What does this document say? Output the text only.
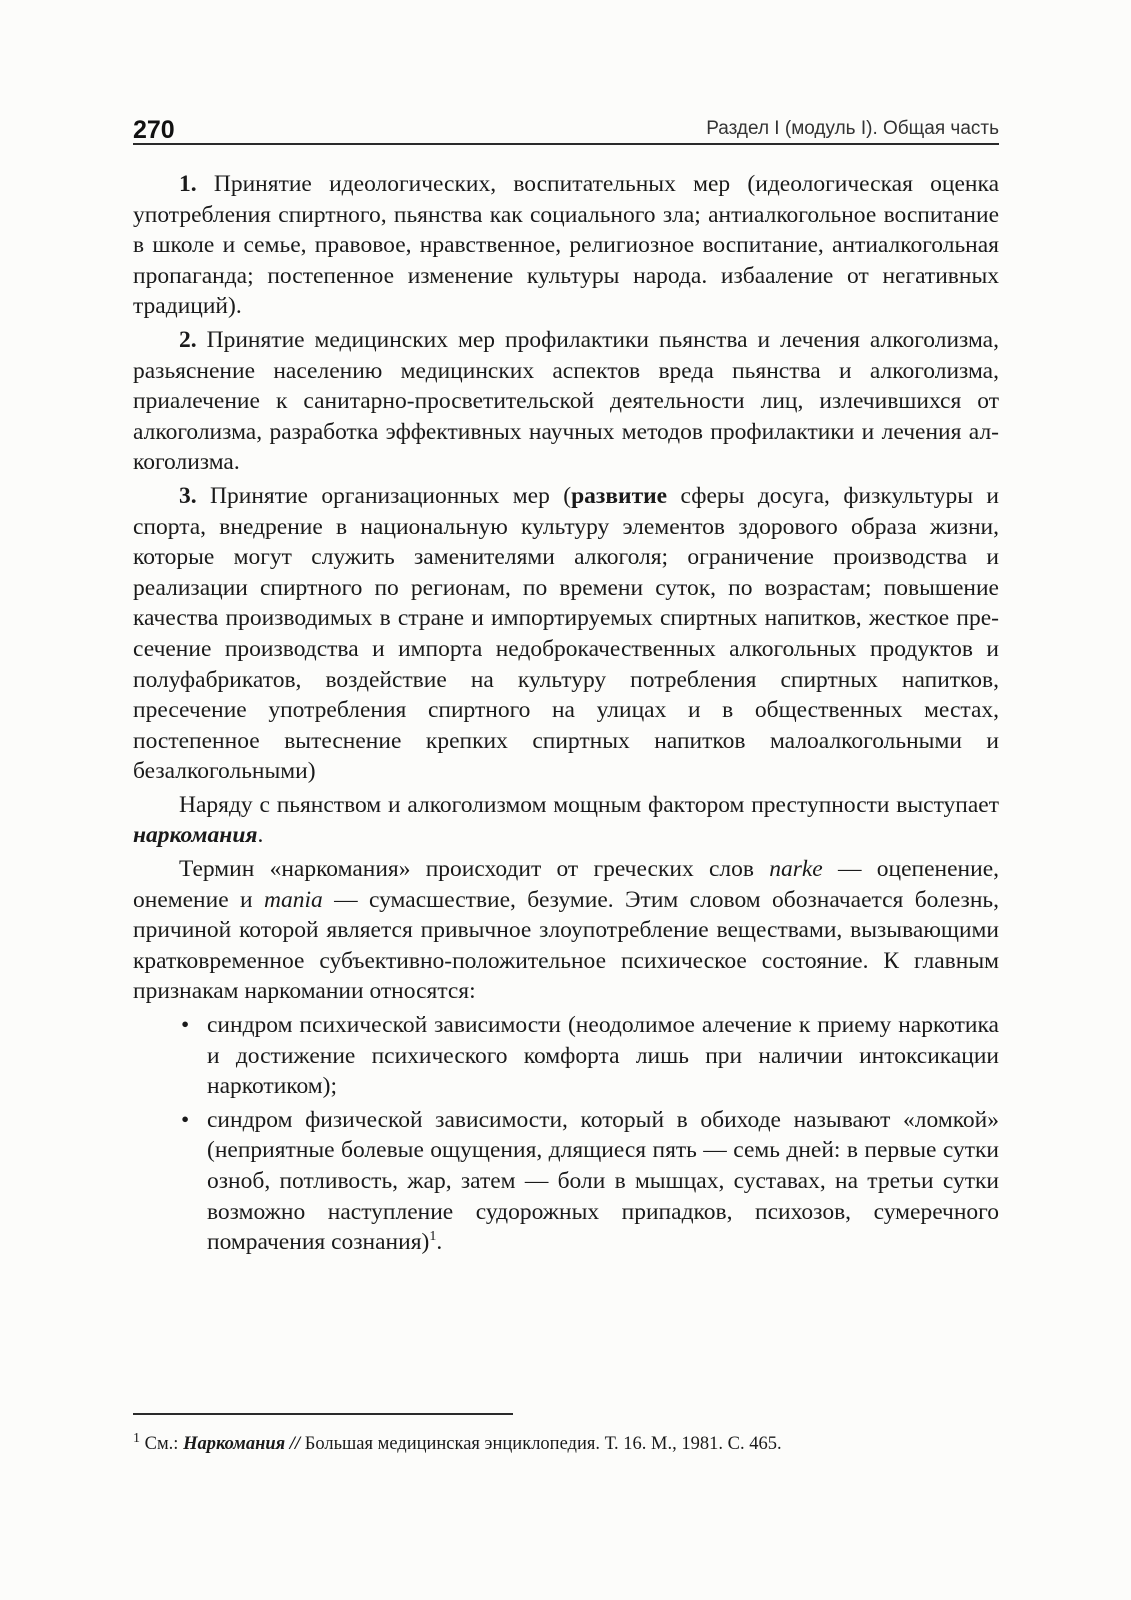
270	Раздел I (модуль I). Общая часть

1. Принятие идеологических, воспитательных мер (идеологическая оценка употребления спиртного, пьянства как социального зла; антиалкогольное воспитание в школе и семье, правовое, нравственное, религиозное воспитание, антиалкогольная пропаганда; постепенное изменение культуры народа. избаaление от негативных традиций).

2. Принятие медицинских мер профилактики пьянства и лечения алкоголизма, разьяснение населению медицинских аспектов вреда пьянства и алкоголизма, приалечение к санитарно-просветительской деятельности лиц, излечившихся от алкоголизма, разработка эффективных научных методов профилактики и лечения алкоголизма.

3. Принятие организационных мер (развитие сферы досуга, физкультуры и спорта, внедрение в национальную культуру элементов здорового образа жизни, которые могут служить заменителями алкоголя; ограничение производства и реализации спиртного по регионам, по времени суток, по возрастам; повышение качества производимых в стране и импортируемых спиртных напитков, жесткое пресечение производства и импорта недоброкачественных алкогольных продуктов и полуфабрикатов, воздействие на культуру потребления спиртных напитков, пресечение употребления спиртного на улицах и в общественных местах, постепенное вытеснение крепких спиртных напитков малоалкогольными и безалкогольными)

Наряду с пьянством и алкоголизмом мощным фактором преступности выступает наркомания.

Термин «наркомания» происходит от греческих слов narke — оцепенение, онемение и mania — сумасшествие, безумие. Этим словом обозначается болезнь, причиной которой является привычное злоупотребление веществами, вызывающими кратковременное субъективно-положительное психическое состояние. К главным признакам наркомании относятся:

• синдром психической зависимости (неодолимое алечение к приему наркотика и достижение психического комфорта лишь при наличии интоксикации наркотиком);
• синдром физической зависимости, который в обиходе называют «ломкой» (неприятные болевые ощущения, длящиеся пять — семь дней: в первые сутки озноб, потливость, жар, затем — боли в мышцах, суставах, на третьи сутки возможно наступление судорожных припадков, психозов, сумеречного помрачения сознания)$^1$.
$^1$ См.: Наркомания // Большая медицинская энциклопедия. Т. 16. М., 1981. С. 465.
